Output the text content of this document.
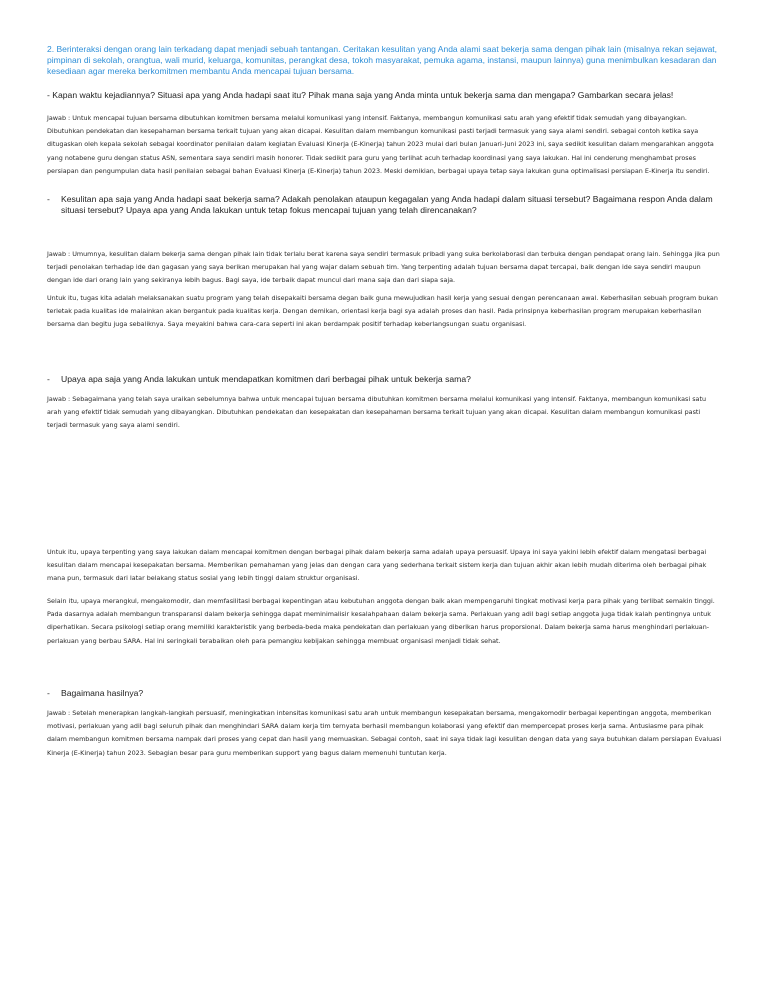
2. Berinteraksi dengan orang lain terkadang dapat menjadi sebuah tantangan. Ceritakan kesulitan yang Anda alami saat bekerja sama dengan pihak lain (misalnya rekan sejawat, pimpinan di sekolah, orangtua, wali murid, keluarga, komunitas, perangkat desa, tokoh masyarakat, pemuka agama, instansi, maupun lainnya) guna menimbulkan kesadaran dan kesediaan agar mereka berkomitmen membantu Anda mencapai tujuan bersama.

- Kapan waktu kejadiannya? Situasi apa yang Anda hadapi saat itu? Pihak mana saja yang Anda minta untuk bekerja sama dan mengapa? Gambarkan secara jelas!

Jawab : Untuk mencapai tujuan bersama dibutuhkan komitmen bersama melalui komunikasi yang intensif. Faktanya, membangun komunikasi satu arah yang efektif tidak semudah yang dibayangkan. Dibutuhkan pendekatan dan kesepahaman bersama terkait tujuan yang akan dicapai. Kesulitan dalam membangun komunikasi pasti terjadi termasuk yang saya alami sendiri. sebagai contoh ketika saya ditugaskan oleh kepala sekolah sebagai koordinator penilaian dalam kegiatan Evaluasi Kinerja (E-Kinerja) tahun 2023 mulai dari bulan Januari-Juni 2023 ini, saya sedikit kesulitan dalam mengarahkan anggota yang notabene guru dengan status ASN, sementara saya sendiri masih honorer. Tidak sedikit para guru yang terlihat acuh terhadap koordinasi yang saya lakukan. Hal ini cenderung menghambat proses persiapan dan pengumpulan data hasil penilaian sebagai bahan Evaluasi Kinerja (E-Kinerja) tahun 2023. Meski demikian, berbagai upaya tetap saya lakukan guna optimalisasi persiapan E-Kinerja itu sendiri.

- Kesulitan apa saja yang Anda hadapi saat bekerja sama? Adakah penolakan ataupun kegagalan yang Anda hadapi dalam situasi tersebut? Bagaimana respon Anda dalam situasi tersebut? Upaya apa yang Anda lakukan untuk tetap fokus mencapai tujuan yang telah direncanakan?

Jawab : Umumnya, kesulitan dalam bekerja sama dengan pihak lain tidak terlalu berat karena saya sendiri termasuk pribadi yang suka berkolaborasi dan terbuka dengan pendapat orang lain. Sehingga jika pun terjadi penolakan terhadap ide dan gagasan yang saya berikan merupakan hal yang wajar dalam sebuah tim. Yang terpenting adalah tujuan bersama dapat tercapai, baik dengan ide saya sendiri maupun dengan ide dari orang lain yang sekiranya lebih bagus. Bagi saya, ide terbaik dapat muncul dari mana saja dan dari siapa saja.

Untuk itu, tugas kita adalah melaksanakan suatu program yang telah disepakaiti bersama degan baik guna mewujudkan hasil kerja yang sesuai dengan perencanaan awal. Keberhasilan sebuah program bukan terletak pada kualitas ide malainkan akan bergantuk pada kualitas kerja. Dengan demikan, orientasi kerja bagi sya adalah proses dan hasil. Pada prinsipnya keberhasilan program merupakan keberhasilan bersama dan begitu juga sebaliknya. Saya meyakini bahwa cara-cara seperti ini akan berdampak positif terhadap keberlangsungan suatu organisasi.

- Upaya apa saja yang Anda lakukan untuk mendapatkan komitmen dari berbagai pihak untuk bekerja sama?

Jawab : Sebagaimana yang telah saya uraikan sebelumnya bahwa untuk mencapai tujuan bersama dibutuhkan komitmen bersama melalui komunikasi yang intensif. Faktanya, membangun komunikasi satu arah yang efektif tidak semudah yang dibayangkan. Dibutuhkan pendekatan dan kesepakatan dan kesepahaman bersama terkait tujuan yang akan dicapai. Kesulitan dalam membangun komunikasi pasti terjadi termasuk yang saya alami sendiri.

Untuk itu, upaya terpenting yang saya lakukan dalam mencapai komitmen dengan berbagai pihak dalam bekerja sama adalah upaya persuasif. Upaya ini saya yakini lebih efektif dalam mengatasi berbagai kesulitan dalam mencapai kesepakatan bersama. Memberikan pemahaman yang jelas dan dengan cara yang sederhana terkait sistem kerja dan tujuan akhir akan lebih mudah diterima oleh berbagai pihak mana pun, termasuk dari latar belakang status sosial yang lebih tinggi dalam struktur organisasi.

Selain itu, upaya merangkul, mengakomodir, dan memfasilitasi berbagai kepentingan atau kebutuhan anggota dengan baik akan mempengaruhi tingkat motivasi kerja para pihak yang terlibat semakin tinggi. Pada dasarnya adalah membangun transparansi dalam bekerja sehingga dapat meminimalisir kesalahpahaan dalam bekerja sama. Perlakuan yang adil bagi setiap anggota juga tidak kalah pentingnya untuk diperhatikan. Secara psikologi setiap orang memiliki karakteristik yang berbeda-beda maka pendekatan dan perlakuan yang diberikan harus proporsional. Dalam bekerja sama harus menghindari perlakuan-perlakuan yang berbau SARA. Hal ini seringkali terabaikan oleh para pemangku kebijakan sehingga membuat organisasi menjadi tidak sehat.

- Bagaimana hasilnya?

Jawab : Setelah menerapkan langkah-langkah persuasif, meningkatkan intensitas komunikasi satu arah untuk membangun kesepakatan bersama, mengakomodir berbagai kepentingan anggota, memberikan motivasi, perlakuan yang adil bagi seluruh pihak dan menghindari SARA dalam kerja tim ternyata berhasil membangun kolaborasi yang efektif dan mempercepat proses kerja sama. Antusiasme para pihak dalam membangun komitmen bersama nampak dari proses yang cepat dan hasil yang memuaskan. Sebagai contoh, saat ini saya tidak lagi kesulitan dengan data yang saya butuhkan dalam persiapan Evaluasi Kinerja (E-Kinerja) tahun 2023. Sebagian besar para guru memberikan support yang bagus dalam memenuhi tuntutan kerja.
